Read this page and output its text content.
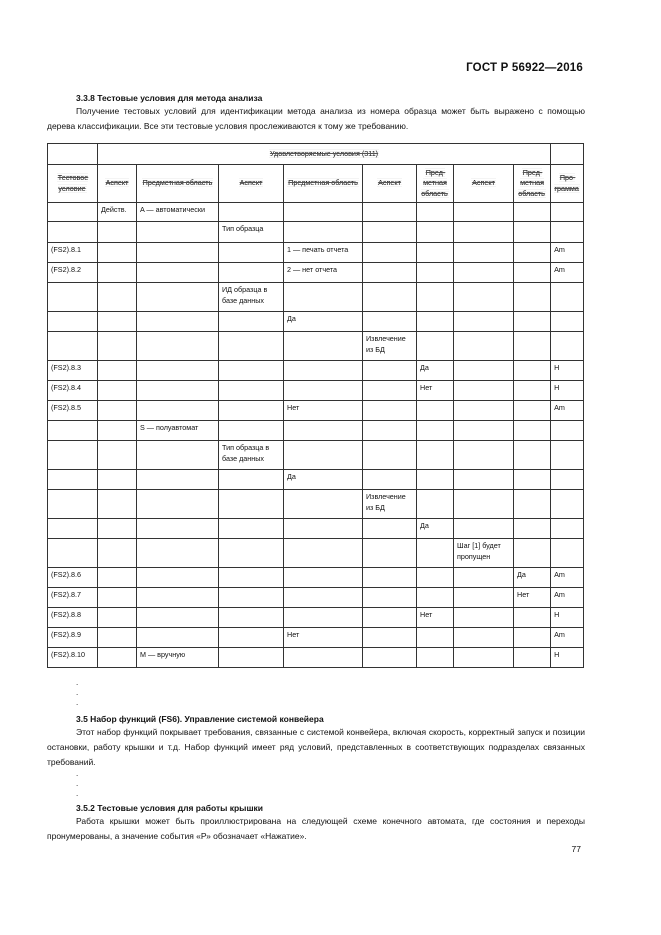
ГОСТ Р 56922—2016
3.3.8 Тестовые условия для метода анализа

Получение тестовых условий для идентификации метода анализа из номера образца может быть выражено с помощью дерева классификации. Все эти тестовые условия прослеживаются к тому же требованию.

	Удовлетворяемые условия (311)								
Тестовое условие	Аспект	Предметная область	Аспект	Предметная область	Аспект	Пред-метная область	Аспект	Пред-метная область	Про-грамма
	Действ.	A — автоматически							
			Тип образца						
(FS2).8.1				1 — печать отчета					Am
(FS2).8.2				2 — нет отчета					Am
			ИД образца в базе данных						
				Да					
					Извлечение из БД				
(FS2).8.3						Да			H
(FS2).8.4						Нет			H
(FS2).8.5				Нет					Am
		S — полуавтомат							
			Тип образца в базе данных						
				Да					
					Извлечение из БД				
						Да			
							Шаг [1] будет пропущен		
(FS2).8.6								Да	Am
(FS2).8.7								Нет	Am
(FS2).8.8						Нет			H
(FS2).8.9				Нет					Am
(FS2).8.10		M — вручную							H
.
.
.
3.5 Набор функций (FS6). Управление системой конвейера

Этот набор функций покрывает требования, связанные с системой конвейера, включая скорость, корректный запуск и позиции остановки, работу крышки и т.д. Набор функций имеет ряд условий, представленных в соответствующих подразделах связанных требований.

.
.
.
3.5.2 Тестовые условия для работы крышки

Работа крышки может быть проиллюстрирована на следующей схеме конечного автомата, где состояния и переходы пронумерованы, а значение события «Р» обозначает «Нажатие».

77
